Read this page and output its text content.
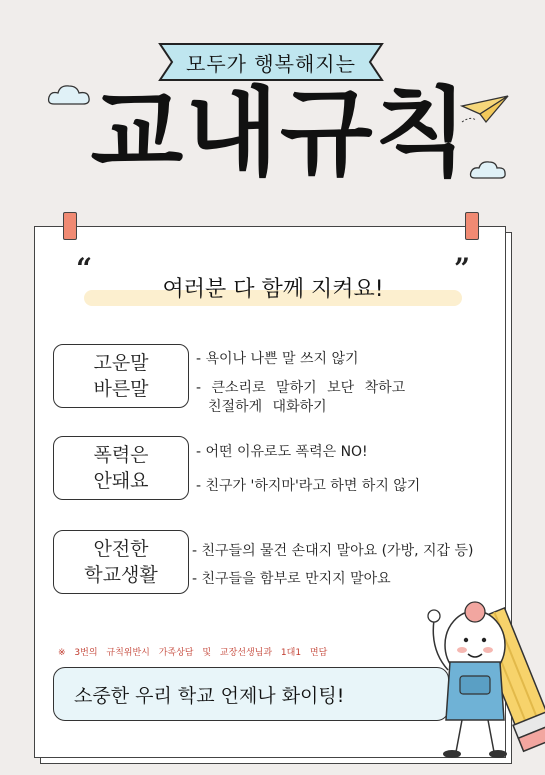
모두가 행복해지는
교내규칙
“	”
여러분 다 함께 지켜요!
고운말
바른말
- 욕이나 나쁜 말 쓰지 않기
- 큰소리로 말하기 보단 착하고
친절하게 대화하기
폭력은
안돼요
- 어떤 이유로도 폭력은 NO!
- 친구가 '하지마'라고 하면 하지 않기
안전한
학교생활
- 친구들의 물건 손대지 말아요 (가방, 지갑 등)
- 친구들을 함부로 만지지 말아요
※ 3번의 규칙위반시 가족상담 및 교장선생님과 1대1 면담
소중한 우리 학교 언제나 화이팅!
